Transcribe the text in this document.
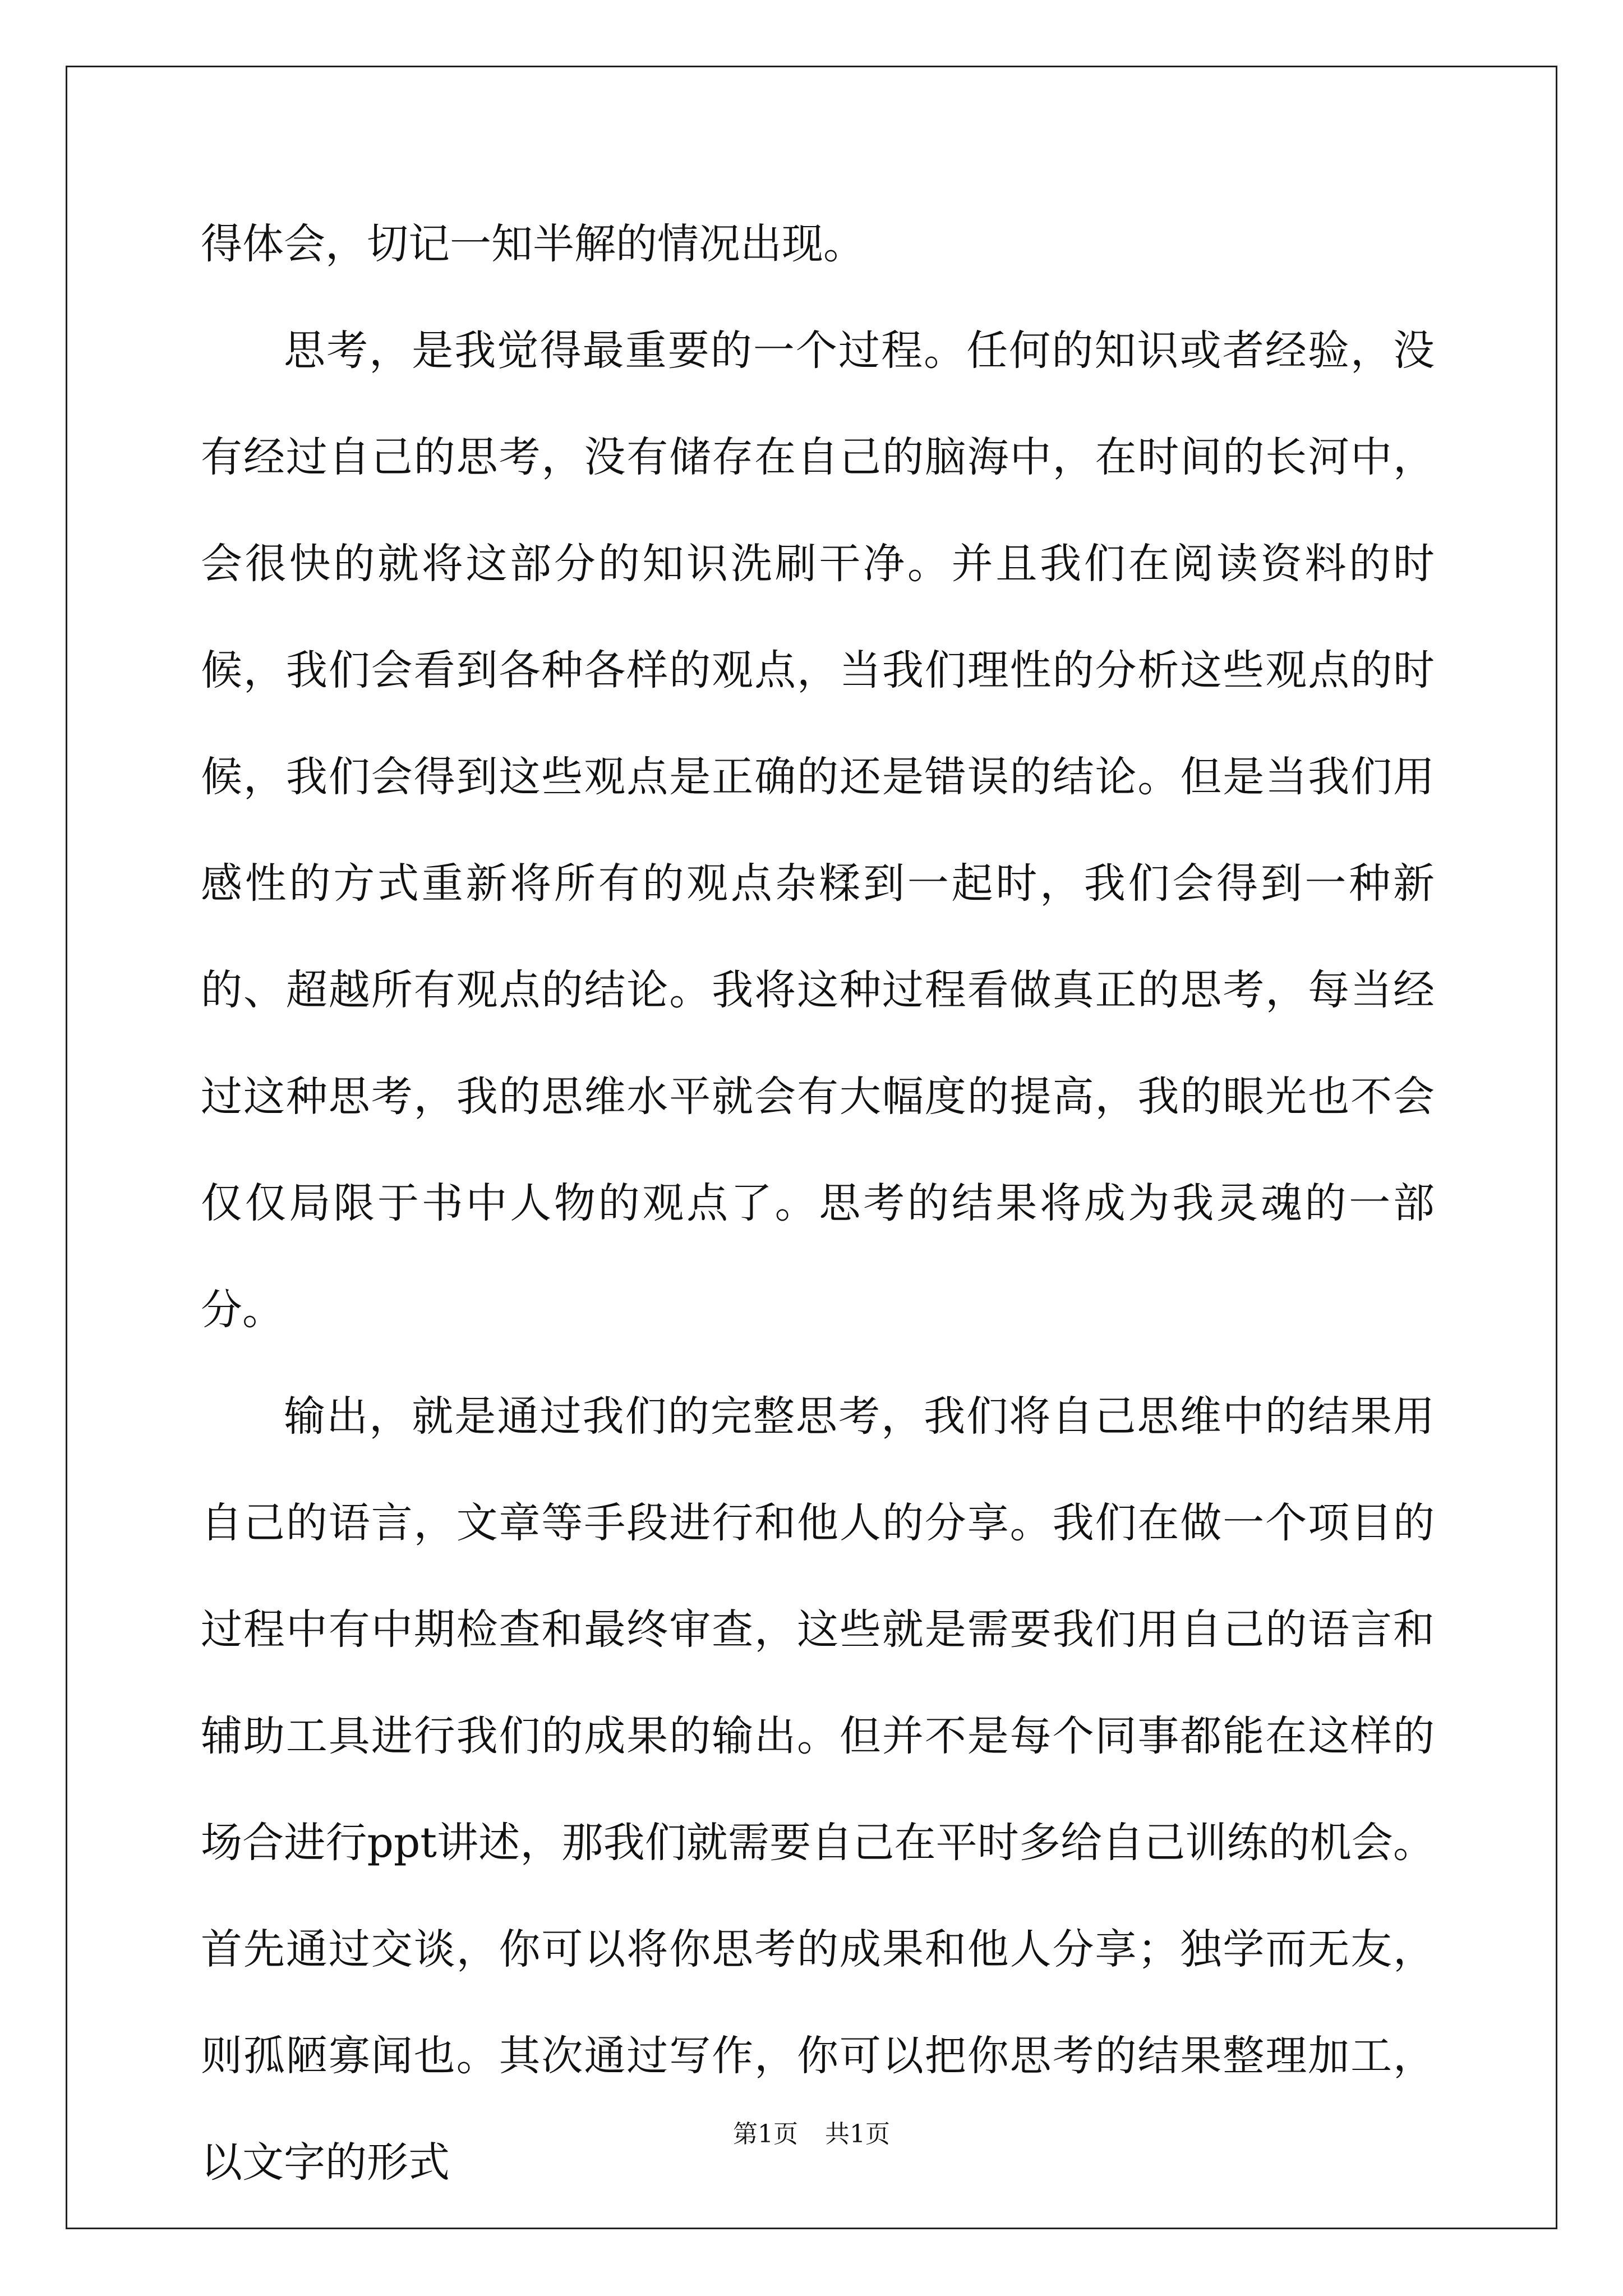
得体会，切记一知半解的情况出现。

思考，是我觉得最重要的一个过程。任何的知识或者经验，没有经过自己的思考，没有储存在自己的脑海中，在时间的长河中，会很快的就将这部分的知识洗刷干净。并且我们在阅读资料的时候，我们会看到各种各样的观点，当我们理性的分析这些观点的时候，我们会得到这些观点是正确的还是错误的结论。但是当我们用感性的方式重新将所有的观点杂糅到一起时，我们会得到一种新的、超越所有观点的结论。我将这种过程看做真正的思考，每当经过这种思考，我的思维水平就会有大幅度的提高，我的眼光也不会仅仅局限于书中人物的观点了。思考的结果将成为我灵魂的一部分。

输出，就是通过我们的完整思考，我们将自己思维中的结果用自己的语言，文章等手段进行和他人的分享。我们在做一个项目的过程中有中期检查和最终审查，这些就是需要我们用自己的语言和辅助工具进行我们的成果的输出。但并不是每个同事都能在这样的场合进行ppt讲述，那我们就需要自己在平时多给自己训练的机会。首先通过交谈，你可以将你思考的成果和他人分享；独学而无友，则孤陋寡闻也。其次通过写作，你可以把你思考的结果整理加工，以文字的形式

第1页 共1页
